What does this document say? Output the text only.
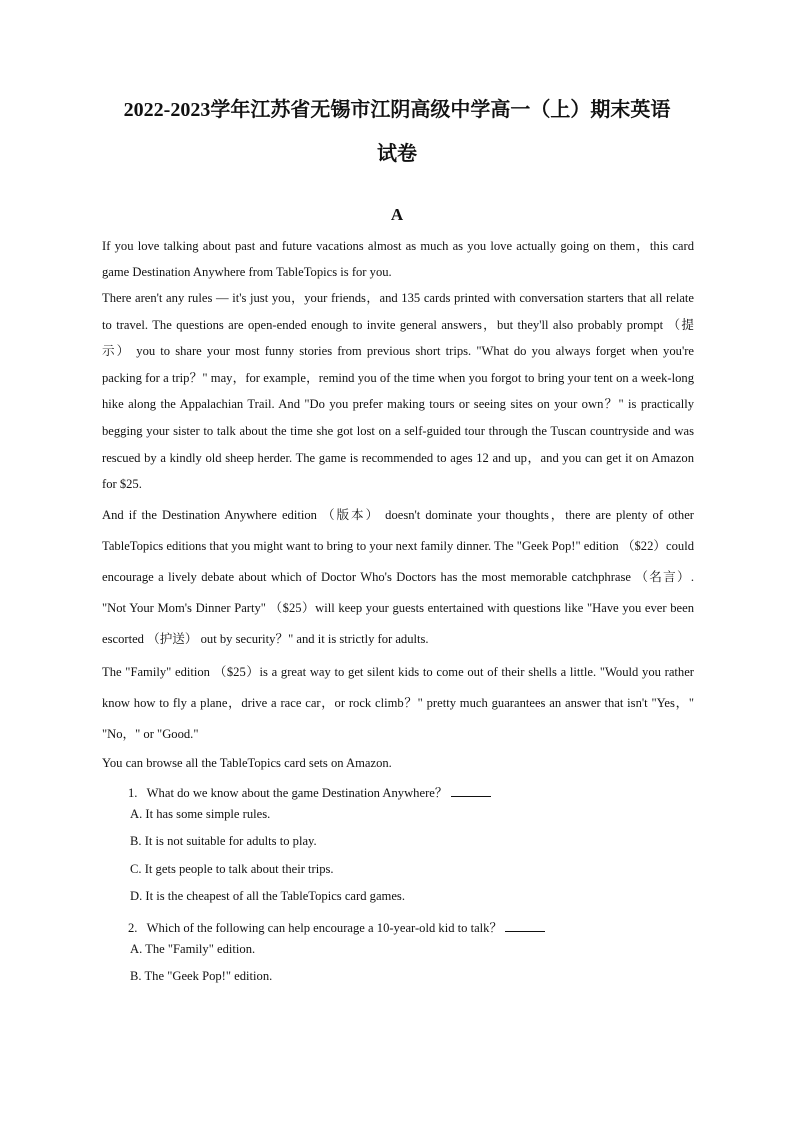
2022-2023学年江苏省无锡市江阴高级中学高一（上）期末英语
试卷
A

If you love talking about past and future vacations almost as much as you love actually going on them，this card game Destination Anywhere from TableTopics is for you.

There aren't any rules — it's just you，your friends，and 135 cards printed with conversation starters that all relate to travel. The questions are open-ended enough to invite general answers，but they'll also probably prompt （提示） you to share your most funny stories from previous short trips. "What do you always forget when you're packing for a trip？" may，for example，remind you of the time when you forgot to bring your tent on a week-long hike along the Appalachian Trail. And "Do you prefer making tours or seeing sites on your own？" is practically begging your sister to talk about the time she got lost on a self-guided tour through the Tuscan countryside and was rescued by a kindly old sheep herder. The game is recommended to ages 12 and up，and you can get it on Amazon for $25.

And if the Destination Anywhere edition （版本） doesn't dominate your thoughts，there are plenty of other TableTopics editions that you might want to bring to your next family dinner. The "Geek Pop!" edition （$22）could encourage a lively debate about which of Doctor Who's Doctors has the most memorable catchphrase （名言）. "Not Your Mom's Dinner Party" （$25）will keep your guests entertained with questions like "Have you ever been escorted （护送） out by security？" and it is strictly for adults.

The "Family" edition （$25）is a great way to get silent kids to come out of their shells a little. "Would you rather know how to fly a plane，drive a race car，or rock climb？" pretty much guarantees an answer that isn't "Yes，" "No，" or "Good."

You can browse all the TableTopics card sets on Amazon.

1. What do we know about the game Destination Anywhere？
A. It has some simple rules.
B. It is not suitable for adults to play.
C. It gets people to talk about their trips.
D. It is the cheapest of all the TableTopics card games.
2. Which of the following can help encourage a 10-year-old kid to talk？
A. The "Family" edition.
B. The "Geek Pop!" edition.
